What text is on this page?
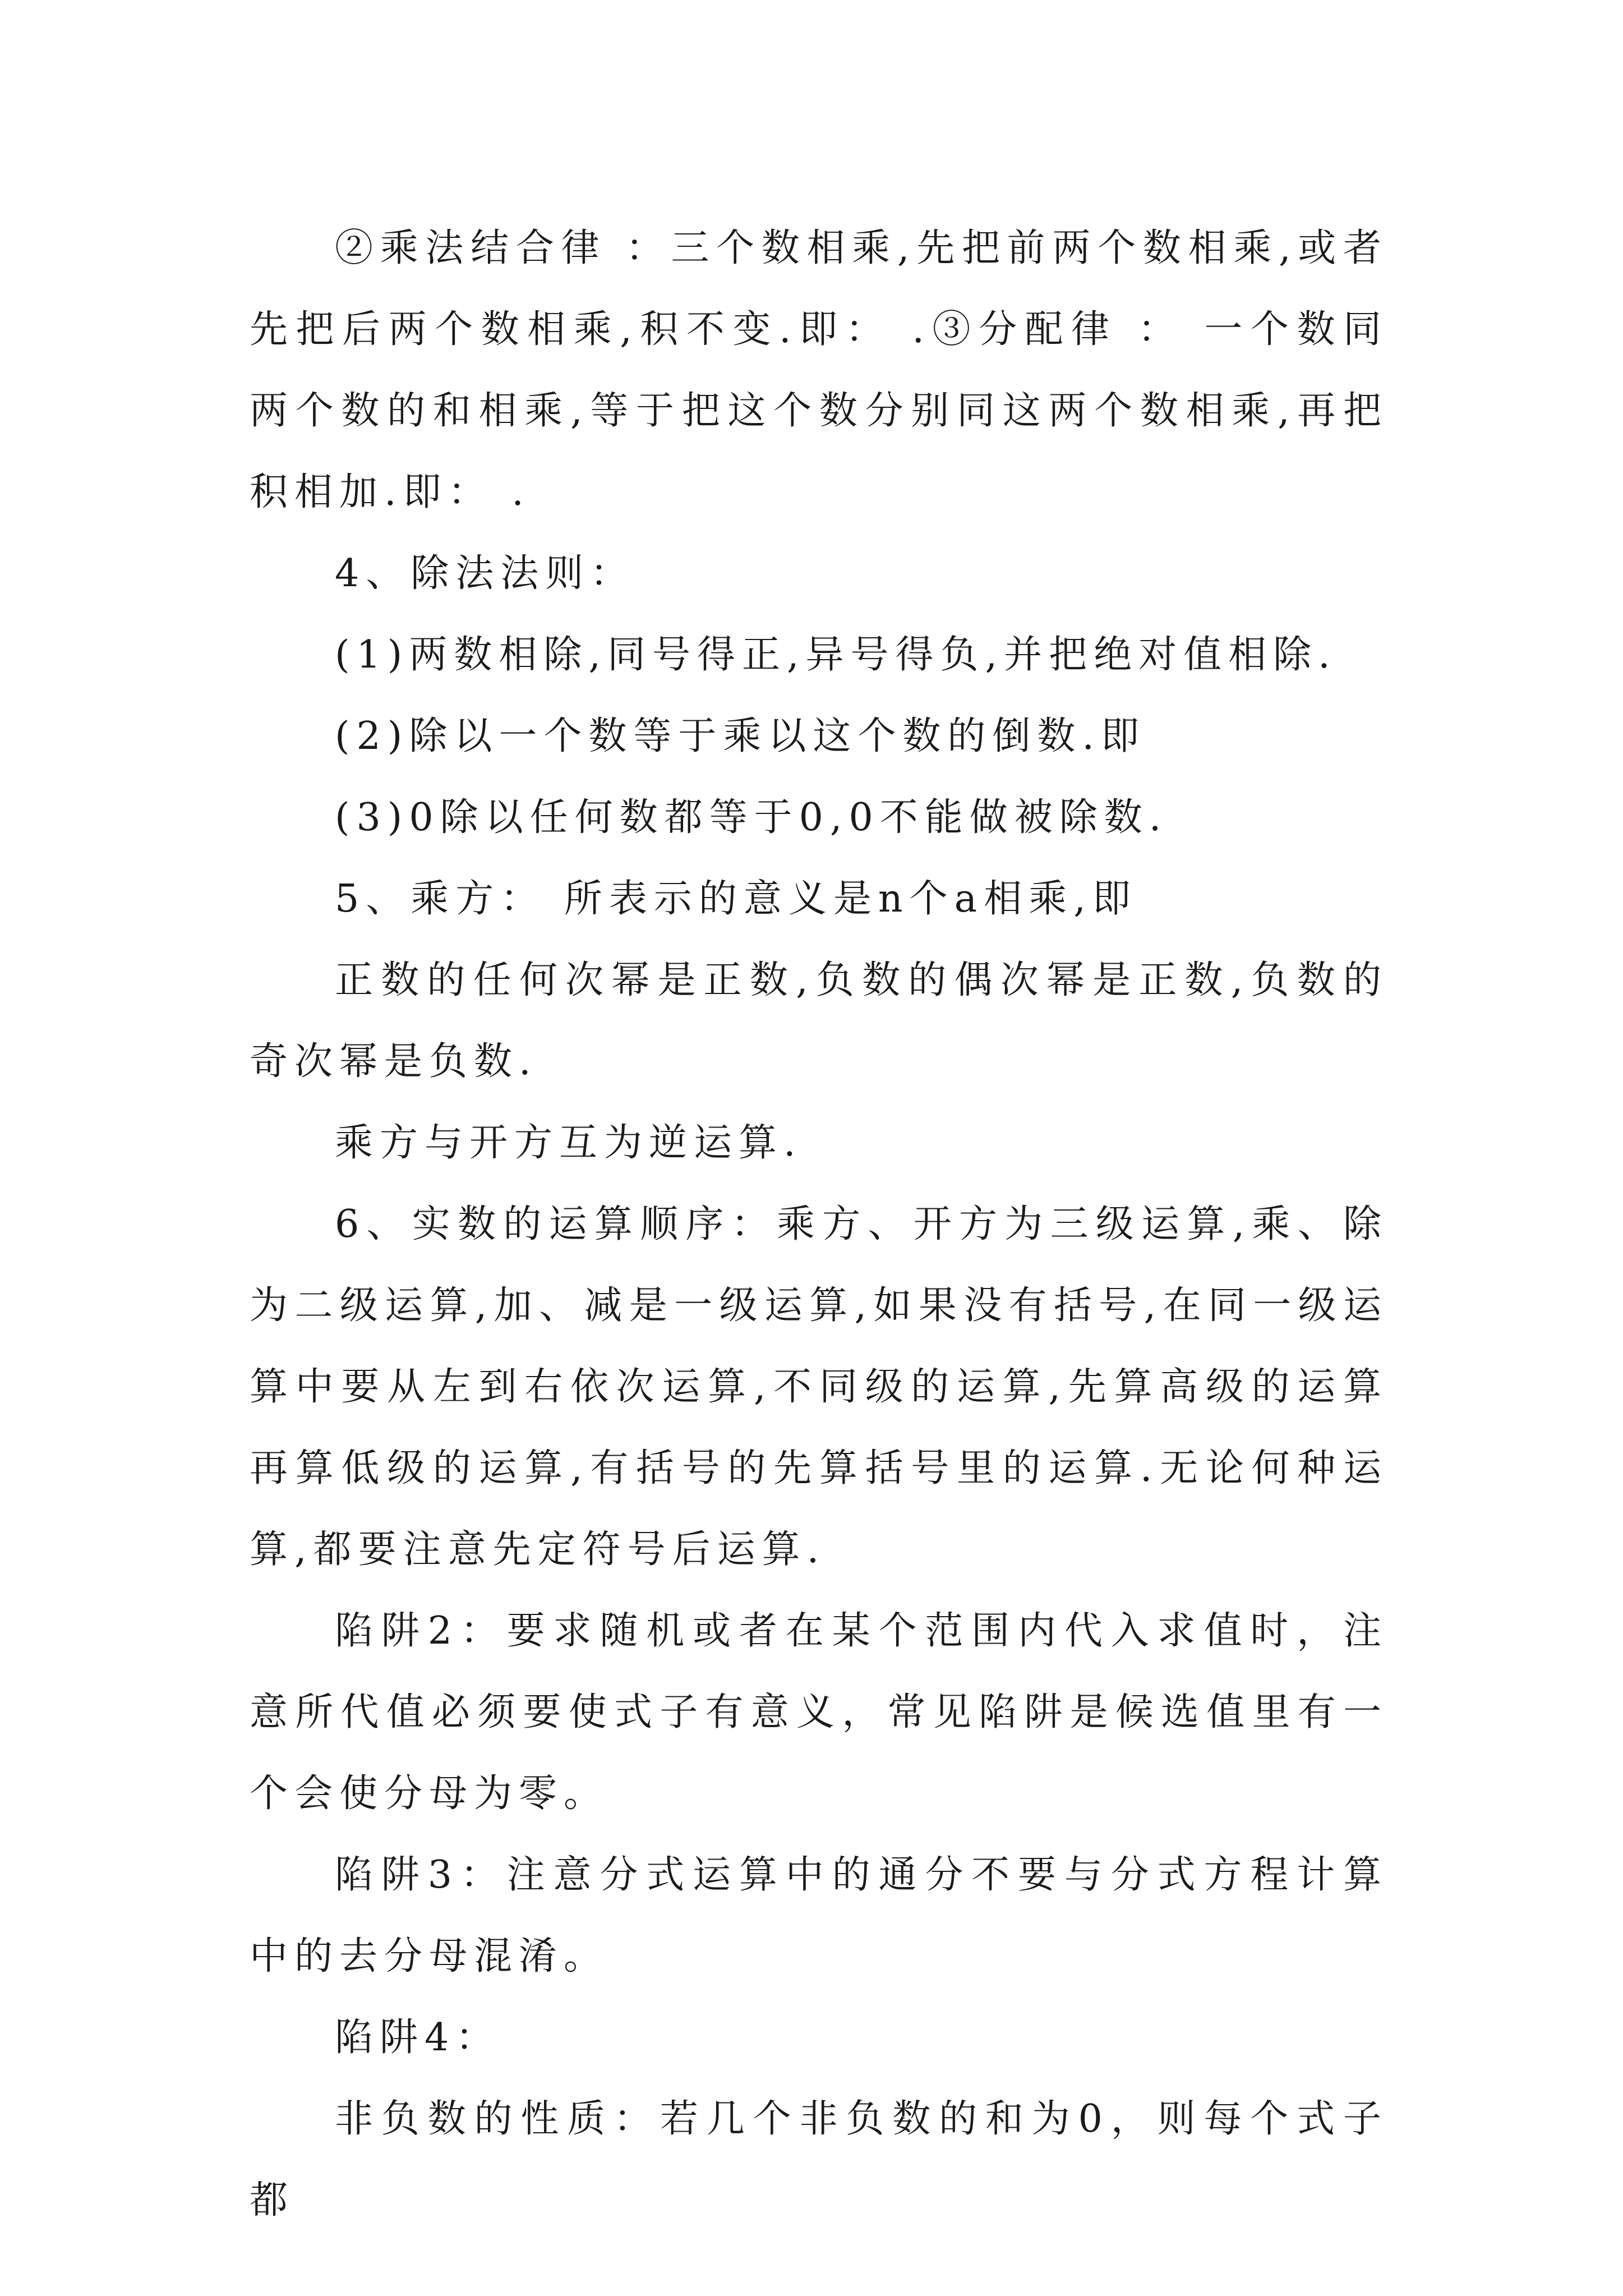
②乘法结合律 ：三个数相乘,先把前两个数相乘,或者先把后两个数相乘,积不变.即： .③分配律 ： 一个数同两个数的和相乘,等于把这个数分别同这两个数相乘,再把积相加.即： .

4、除法法则：

(1)两数相除,同号得正,异号得负,并把绝对值相除.

(2)除以一个数等于乘以这个数的倒数.即

(3)0除以任何数都等于0,0不能做被除数.

5、乘方： 所表示的意义是n个a相乘,即

正数的任何次幂是正数,负数的偶次幂是正数,负数的奇次幂是负数.

乘方与开方互为逆运算.

6、实数的运算顺序：乘方、开方为三级运算,乘、除为二级运算,加、减是一级运算,如果没有括号,在同一级运算中要从左到右依次运算,不同级的运算,先算高级的运算再算低级的运算,有括号的先算括号里的运算.无论何种运算,都要注意先定符号后运算.

陷阱2：要求随机或者在某个范围内代入求值时，注意所代值必须要使式子有意义，常见陷阱是候选值里有一个会使分母为零。

陷阱3：注意分式运算中的通分不要与分式方程计算中的去分母混淆。

陷阱4：

非负数的性质：若几个非负数的和为0，则每个式子都
